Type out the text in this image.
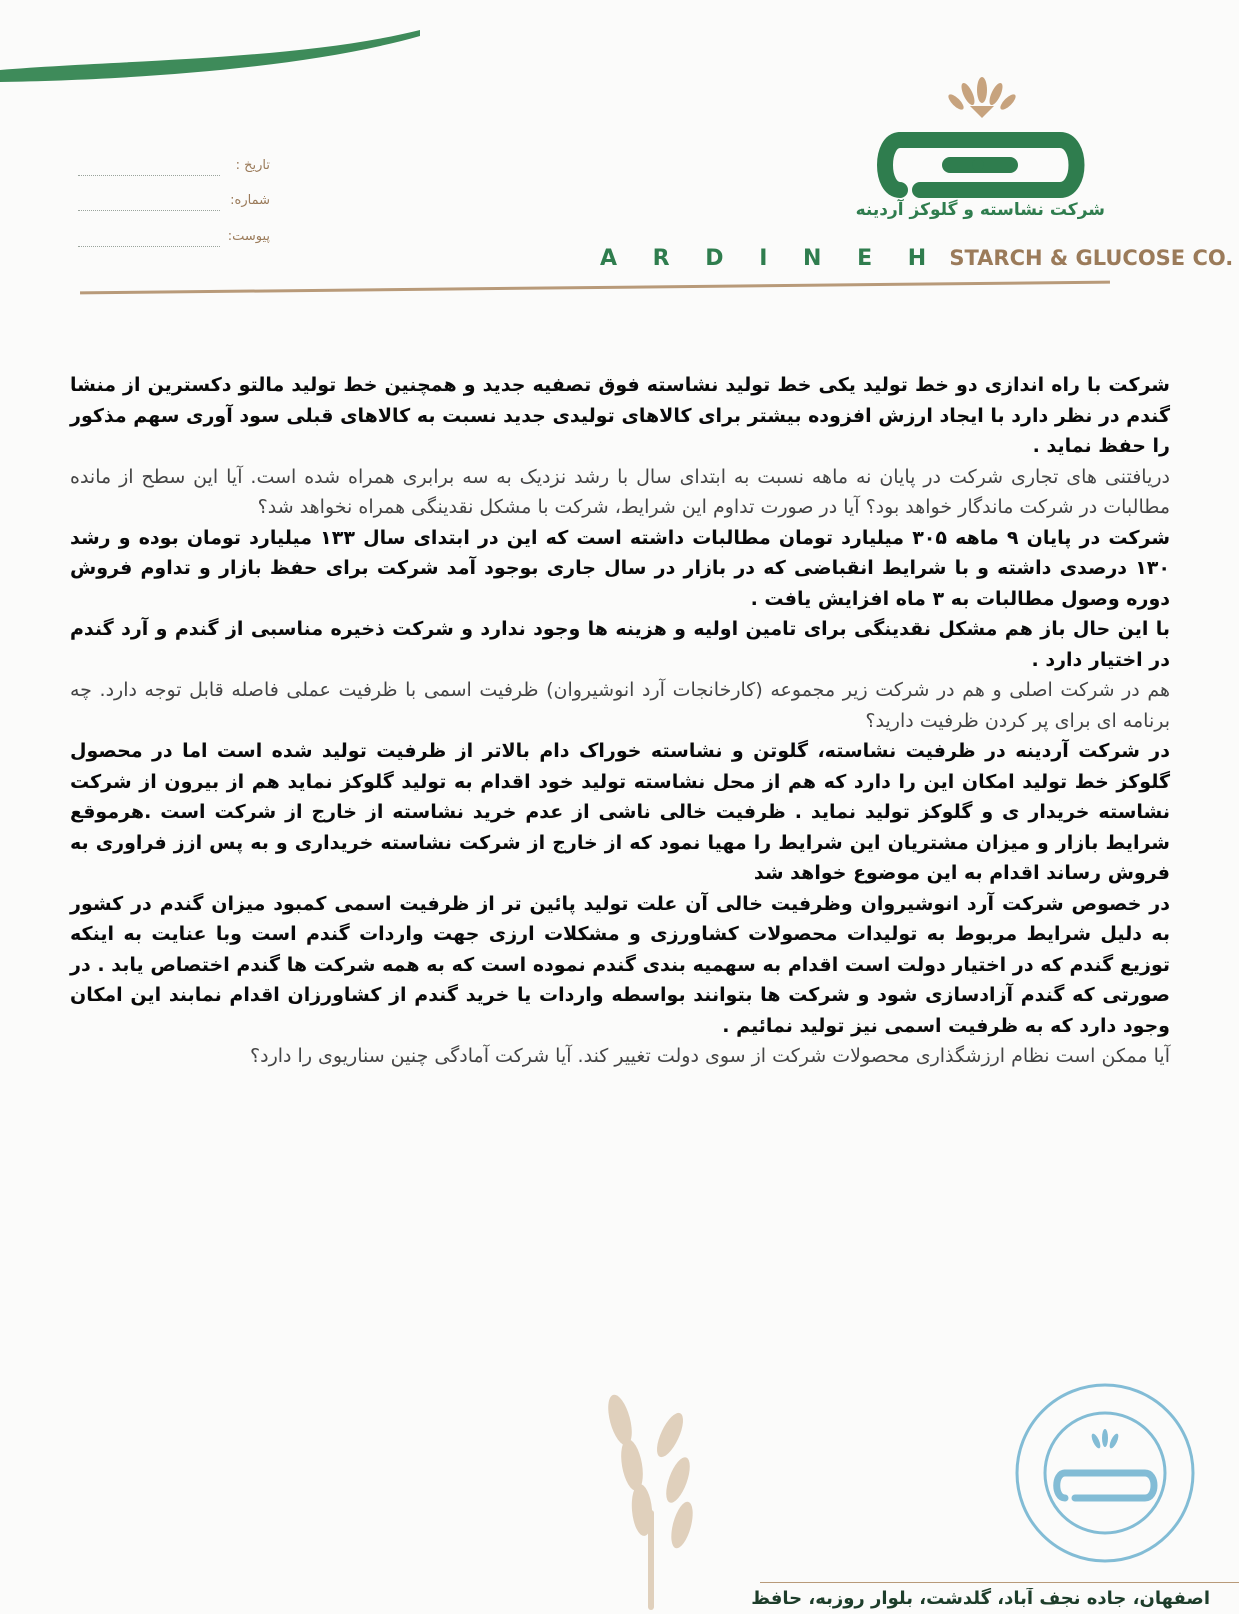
شرکت نشاسته و گلوکز آردینه
A R D I N E H STARCH & GLUCOSE CO.
تاریخ :
شماره:
پیوست:

شرکت با راه اندازی دو خط تولید یکی خط تولید نشاسته فوق تصفیه جدید و همچنین خط تولید مالتو دکسترین از منشا گندم در نظر دارد با ایجاد ارزش افزوده بیشتر برای کالاهای تولیدی جدید نسبت به کالاهای قبلی سود آوری سهم مذکور را حفظ نماید .

دریافتنی های تجاری شرکت در پایان نه ماهه نسبت به ابتدای سال با رشد نزدیک به سه برابری همراه شده است. آیا این سطح از مانده مطالبات در شرکت ماندگار خواهد بود؟ آیا در صورت تداوم این شرایط، شرکت با مشکل نقدینگی همراه نخواهد شد؟

شرکت در پایان ۹ ماهه ۳۰۵ میلیارد تومان مطالبات داشته است که این در ابتدای سال ۱۳۳ میلیارد تومان بوده و رشد ۱۳۰ درصدی داشته و با شرایط انقباضی که در بازار در سال جاری بوجود آمد شرکت برای حفظ بازار و تداوم فروش دوره وصول مطالبات به ۳ ماه افزایش یافت .

با این حال باز هم مشکل نقدینگی برای تامین اولیه و هزینه ها وجود ندارد و شرکت ذخیره مناسبی از گندم و آرد گندم در اختیار دارد .

هم در شرکت اصلی و هم در شرکت زیر مجموعه (کارخانجات آرد انوشیروان) ظرفیت اسمی با ظرفیت عملی فاصله قابل توجه دارد. چه برنامه ای برای پر کردن ظرفیت دارید؟

در شرکت آردینه در ظرفیت نشاسته، گلوتن و نشاسته خوراک دام بالاتر از ظرفیت تولید شده است اما در محصول گلوکز خط تولید امکان این را دارد که هم از محل نشاسته تولید خود اقدام به تولید گلوکز نماید هم از بیرون از شرکت نشاسته خریدار ی و گلوکز تولید نماید . ظرفیت خالی ناشی از عدم خرید نشاسته از خارج از شرکت است .هرموقع شرایط بازار و میزان مشتریان این شرایط را مهیا نمود که از خارج از شرکت نشاسته خریداری و به پس ازز فراوری به فروش رساند اقدام به این موضوع خواهد شد

در خصوص شرکت آرد انوشیروان وظرفیت خالی آن علت تولید پائین تر از ظرفیت اسمی کمبود میزان گندم در کشور به دلیل شرایط مربوط به تولیدات محصولات کشاورزی و مشکلات ارزی جهت واردات گندم است وبا عنایت به اینکه توزیع گندم که در اختیار دولت است اقدام به سهمیه بندی گندم نموده است که به همه شرکت ها گندم اختصاص یابد . در صورتی که گندم آزادسازی شود و شرکت ها بتوانند بواسطه واردات یا خرید گندم از کشاورزان اقدام نمابند این امکان وجود دارد که به ظرفیت اسمی نیز تولید نمائیم .

آیا ممکن است نظام ارزشگذاری محصولات شرکت از سوی دولت تغییر کند. آیا شرکت آمادگی چنین سناریوی را دارد؟

اصفهان، جاده نجف آباد، گلدشت، بلوار روزبه، حافظ
